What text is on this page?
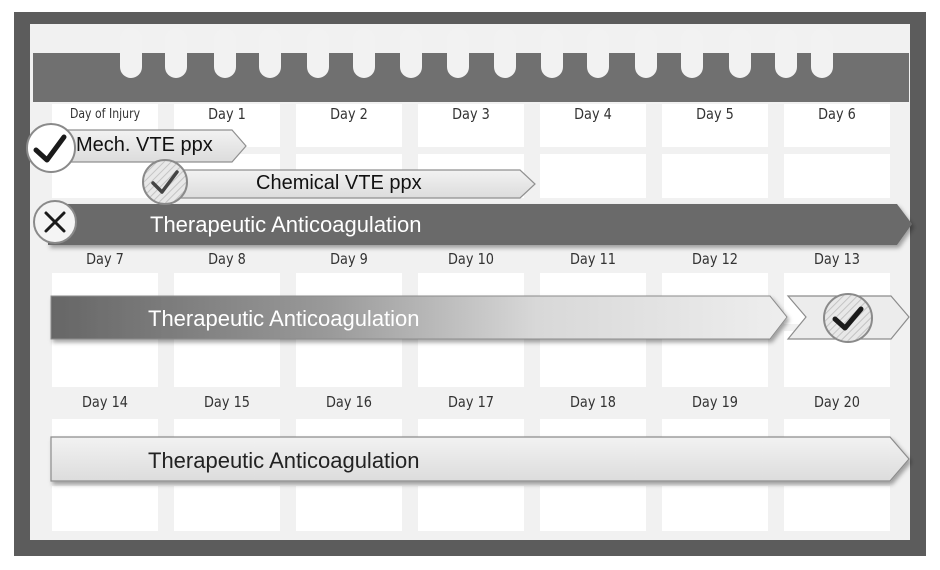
Day of Injury	Day 1	Day 2	Day 3	Day 4	Day 5	Day 6
Day 7	Day 8	Day 9	Day 10	Day 11	Day 12	Day 13
Day 14	Day 15	Day 16	Day 17	Day 18	Day 19	Day 20
Mech. VTE ppx
Chemical VTE ppx
Therapeutic Anticoagulation
Therapeutic Anticoagulation
Therapeutic Anticoagulation
